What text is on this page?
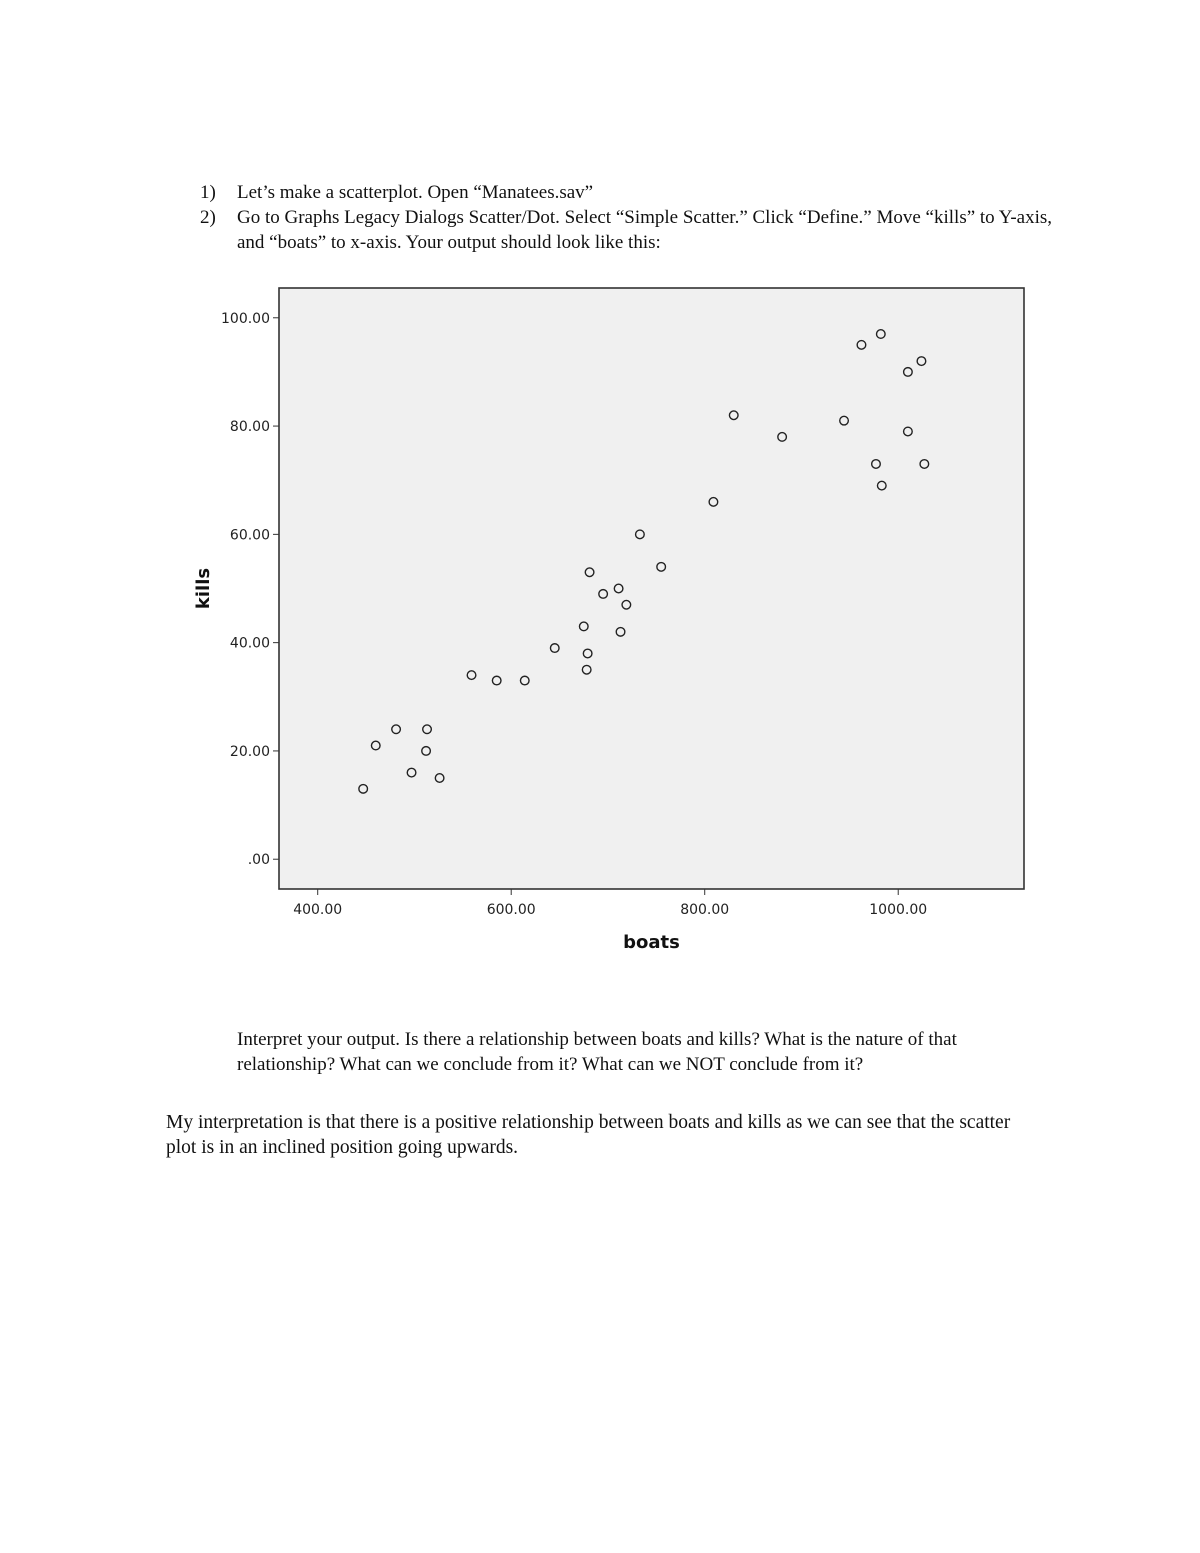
1)	Let’s make a scatterplot. Open “Manatees.sav”
2)	Go to Graphs Legacy Dialogs Scatter/Dot. Select “Simple Scatter.” Click “Define.” Move “kills” to Y-axis, and “boats” to x-axis. Your output should look like this:
.00
20.00
40.00
60.00
80.00
100.00
400.00	600.00	800.00	1000.00
boats
kills
Interpret your output. Is there a relationship between boats and kills? What is the nature of that relationship? What can we conclude from it? What can we NOT conclude from it?
My interpretation is that there is a positive relationship between boats and kills as we can see that the scatter plot is in an inclined position going upwards.
